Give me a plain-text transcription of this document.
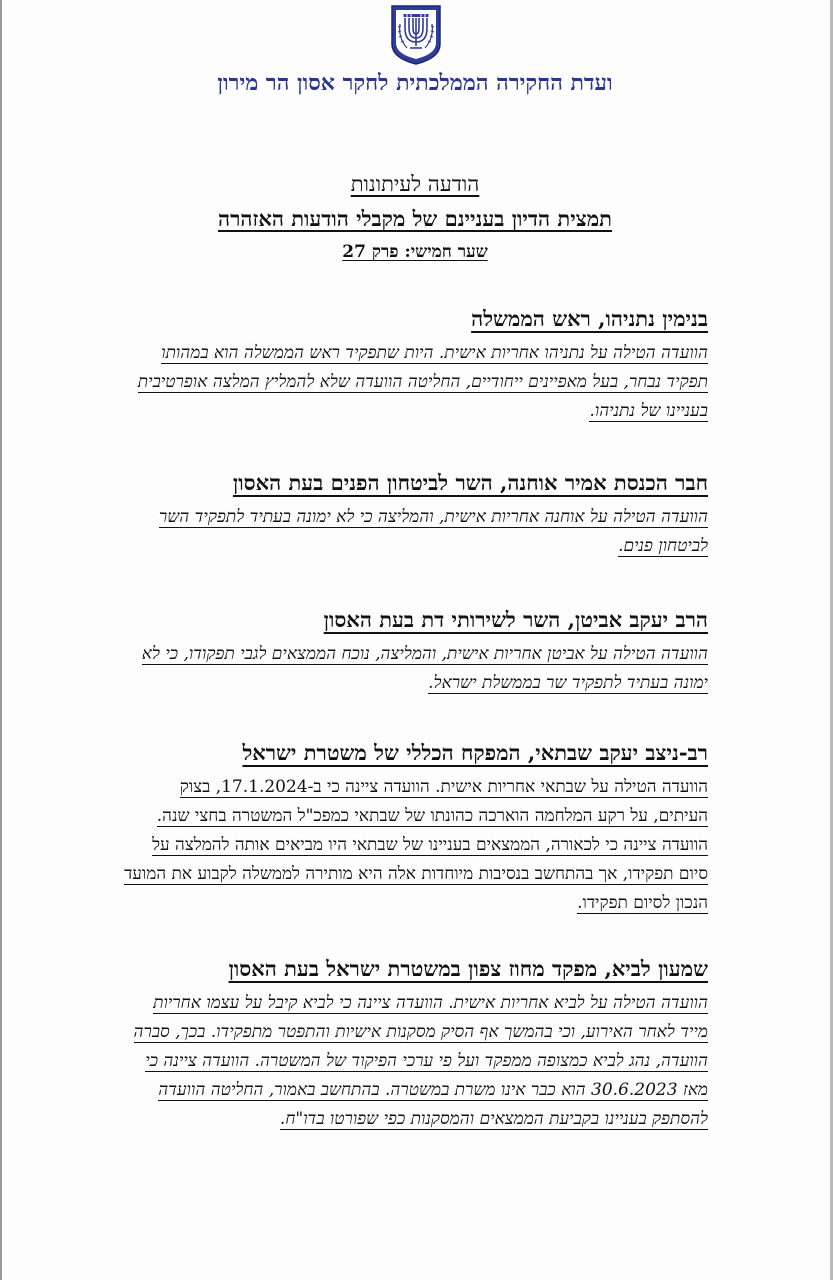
ועדת החקירה הממלכתית לחקר אסון הר מירון
הודעה לעיתונות
תמצית הדיון בעניינם של מקבלי הודעות האזהרה
שער חמישי: פרק 27

בנימין נתניהו, ראש הממשלה

הוועדה הטילה על נתניהו אחריות אישית. היות שתפקיד ראש הממשלה הוא במהותו תפקיד נבחר, בעל מאפיינים ייחודיים, החליטה הוועדה שלא להמליץ המלצה אופרטיבית בעניינו של נתניהו.

חבר הכנסת אמיר אוחנה, השר לביטחון הפנים בעת האסון

הוועדה הטילה על אוחנה אחריות אישית, והמליצה כי לא ימונה בעתיד לתפקיד השר לביטחון פנים.

הרב יעקב אביטן, השר לשירותי דת בעת האסון

הוועדה הטילה על אביטן אחריות אישית, והמליצה, נוכח הממצאים לגבי תפקודו, כי לא ימונה בעתיד לתפקיד שר בממשלת ישראל.

רב-ניצב יעקב שבתאי, המפקח הכללי של משטרת ישראל

הוועדה הטילה על שבתאי אחריות אישית. הוועדה ציינה כי ב-17.1.2024, בצוק העיתים, על רקע המלחמה הוארכה כהונתו של שבתאי כמפכ"ל המשטרה בחצי שנה. הוועדה ציינה כי לכאורה, הממצאים בעניינו של שבתאי היו מביאים אותה להמלצה על סיום תפקידו, אך בהתחשב בנסיבות מיוחדות אלה היא מותירה לממשלה לקבוע את המועד הנכון לסיום תפקידו.

שמעון לביא, מפקד מחוז צפון במשטרת ישראל בעת האסון

הוועדה הטילה על לביא אחריות אישית. הוועדה ציינה כי לביא קיבל על עצמו אחריות מייד לאחר האירוע, וכי בהמשך אף הסיק מסקנות אישיות והתפטר מתפקידו. בכך, סברה הוועדה, נהג לביא כמצופה ממפקד ועל פי ערכי הפיקוד של המשטרה. הוועדה ציינה כי מאז 30.6.2023 הוא כבר אינו משרת במשטרה. בהתחשב באמור, החליטה הוועדה להסתפק בעניינו בקביעת הממצאים והמסקנות כפי שפורטו בדו"ח.
